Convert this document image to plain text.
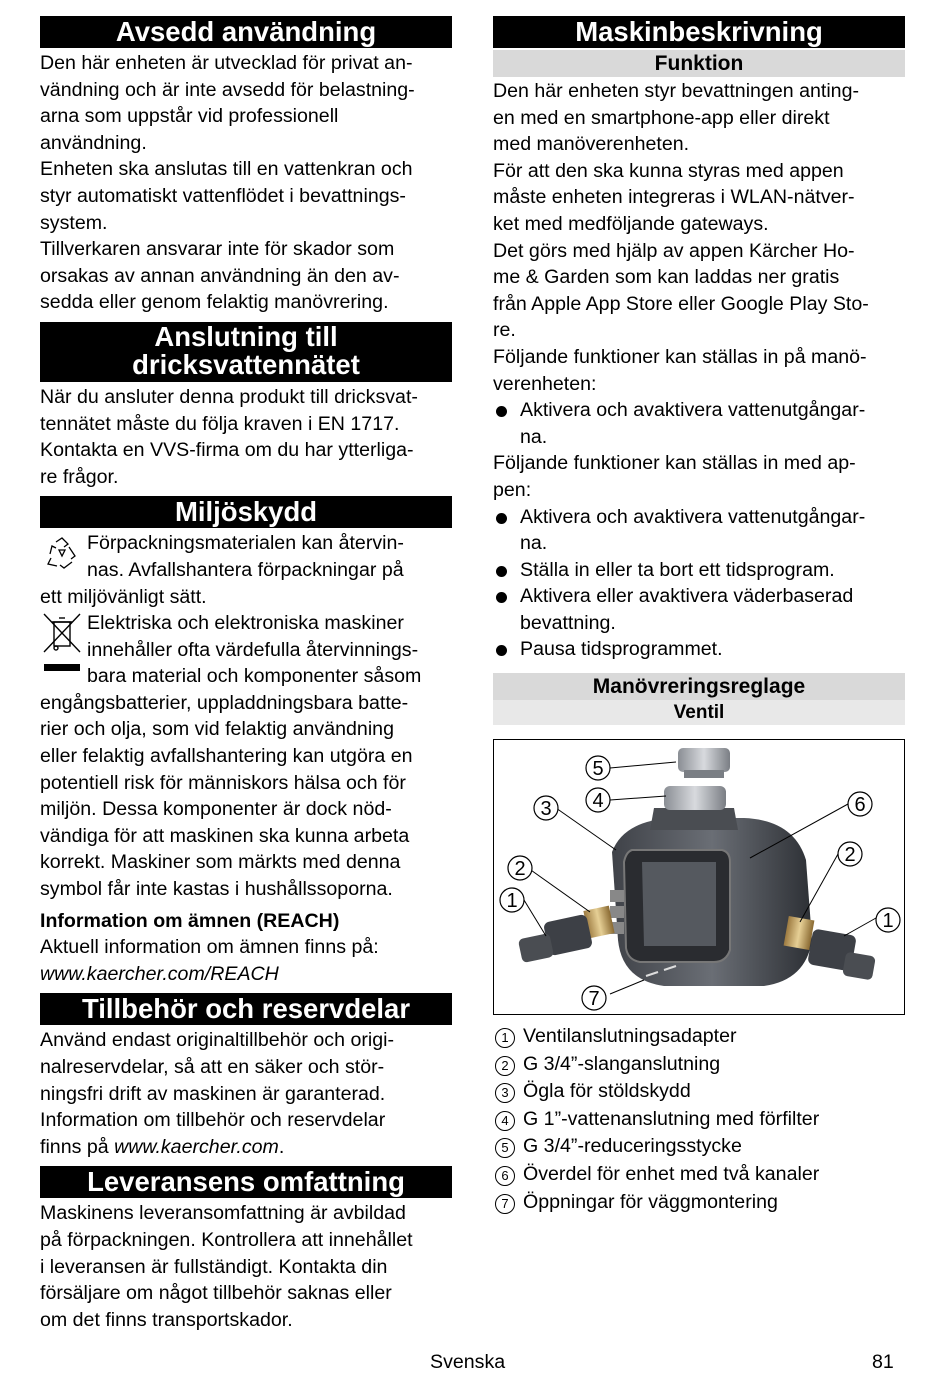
Avsedd användning

Den här enheten är utvecklad för privat an-

vändning och är inte avsedd för belastning-

arna som uppstår vid professionell

användning.

Enheten ska anslutas till en vattenkran och

styr automatiskt vattenflödet i bevattnings-

system.

Tillverkaren ansvarar inte för skador som

orsakas av annan användning än den av-

sedda eller genom felaktig manövrering.

Anslutning till
dricksvattennätet

När du ansluter denna produkt till dricksvat-

tennätet måste du följa kraven i EN 1717.

Kontakta en VVS-firma om du har ytterliga-

re frågor.

Miljöskydd

Förpackningsmaterialen kan återvin-

nas. Avfallshantera förpackningar på

ett miljövänligt sätt.

Elektriska och elektroniska maskiner

innehåller ofta värdefulla återvinnings-

bara material och komponenter såsom

engångsbatterier, uppladdningsbara batte-

rier och olja, som vid felaktig användning

eller felaktig avfallshantering kan utgöra en

potentiell risk för människors hälsa och för

miljön. Dessa komponenter är dock nöd-

vändiga för att maskinen ska kunna arbeta

korrekt. Maskiner som märkts med denna

symbol får inte kastas i hushållssoporna.

Information om ämnen (REACH)

Aktuell information om ämnen finns på:

www.kaercher.com/REACH

Tillbehör och reservdelar

Använd endast originaltillbehör och origi-

nalreservdelar, så att en säker och stör-

ningsfri drift av maskinen är garanterad.

Information om tillbehör och reservdelar

finns på www.kaercher.com.

Leveransens omfattning

Maskinens leveransomfattning är avbildad

på förpackningen. Kontrollera att innehållet

i leveransen är fullständigt. Kontakta din

försäljare om något tillbehör saknas eller

om det finns transportskador.

Maskinbeskrivning
Funktion

Den här enheten styr bevattningen anting-

en med en smartphone-app eller direkt

med manöverenheten.

För att den ska kunna styras med appen

måste enheten integreras i WLAN-nätver-

ket med medföljande gateways.

Det görs med hjälp av appen Kärcher Ho-

me & Garden som kan laddas ner gratis

från Apple App Store eller Google Play Sto-

re.

Följande funktioner kan ställas in på manö-

verenheten:

Aktivera och avaktivera vattenutgångar-
na.

Följande funktioner kan ställas in med ap-

pen:

Aktivera och avaktivera vattenutgångar-
na.
Ställa in eller ta bort ett tidsprogram.
Aktivera eller avaktivera väderbaserad
bevattning.
Pausa tidsprogrammet.
Manövreringsreglage
Ventil
1
2
3 4
5
6
2
1
7
1 Ventilanslutningsadapter
2 G 3/4”-slanganslutning
3 Ögla för stöldskydd
4 G 1”-vattenanslutning med förfilter
5 G 3/4”-reduceringsstycke
6 Överdel för enhet med två kanaler
7 Öppningar för väggmontering
Svenska	81
